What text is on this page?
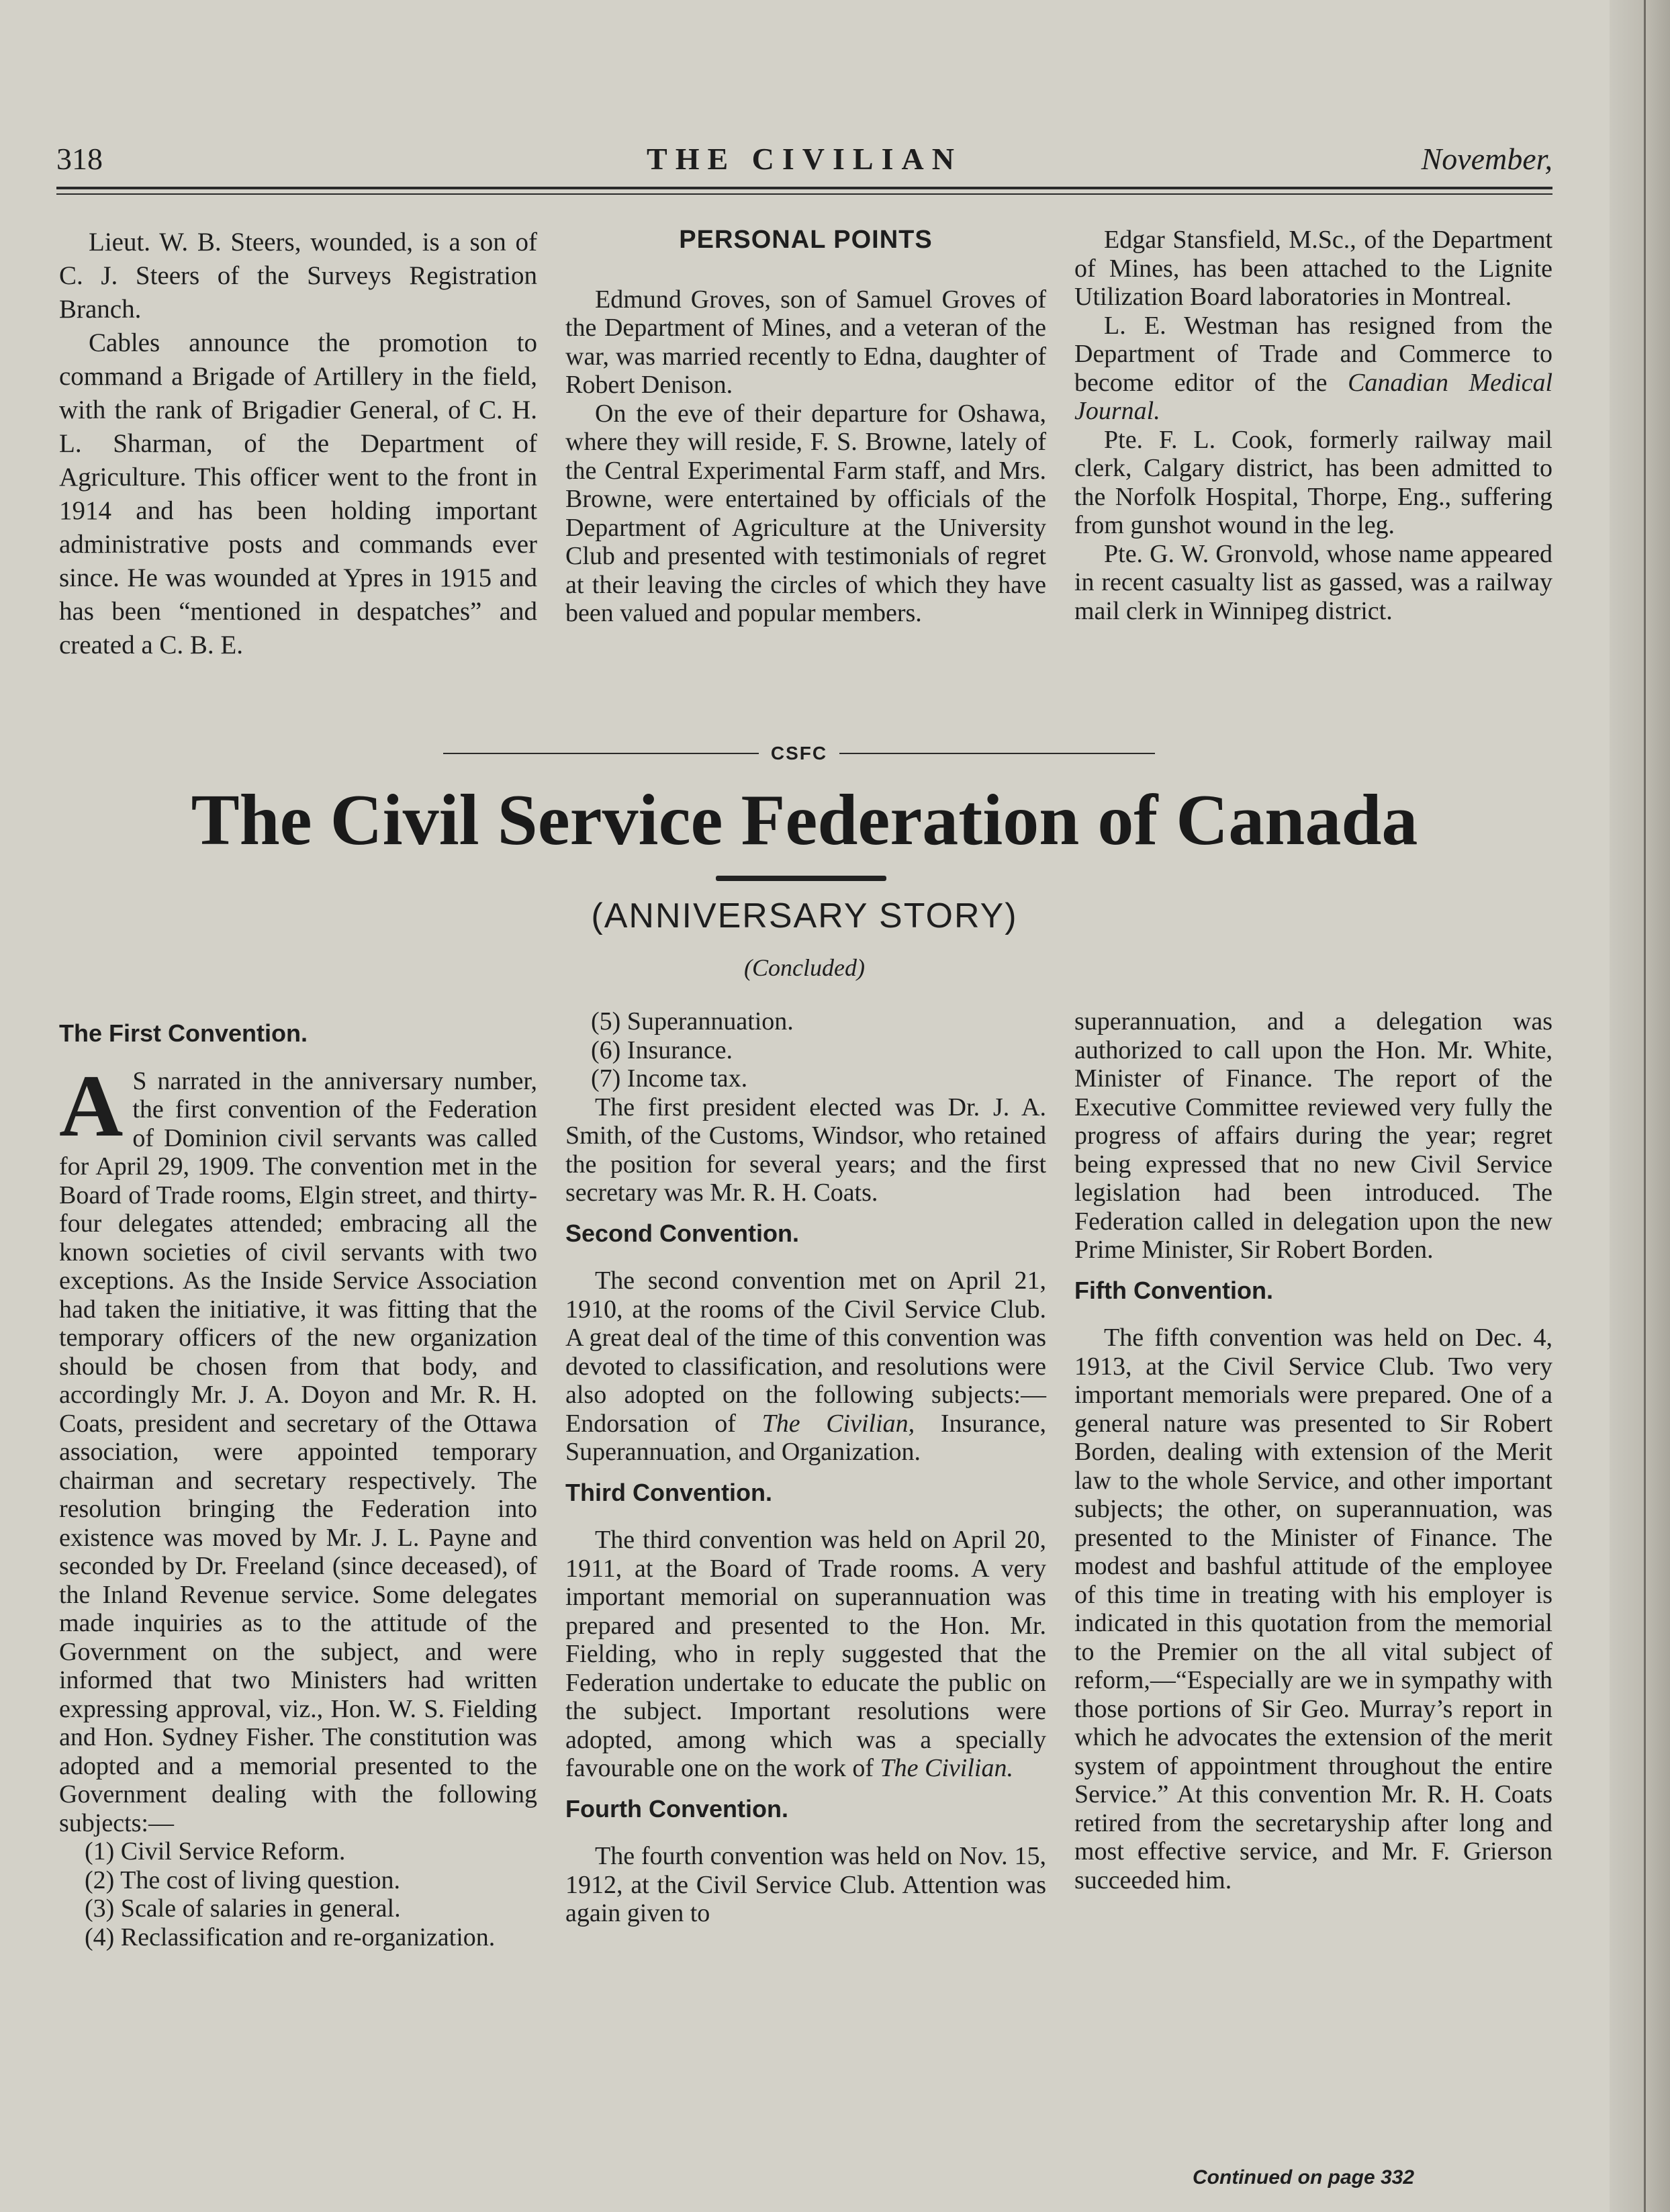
318	THE CIVILIAN	November,

Lieut. W. B. Steers, wounded, is a son of C. J. Steers of the Surveys Registration Branch.

Cables announce the promotion to command a Brigade of Artillery in the field, with the rank of Brigadier General, of C. H. L. Sharman, of the Department of Agriculture. This officer went to the front in 1914 and has been holding important administrative posts and commands ever since. He was wounded at Ypres in 1915 and has been “mentioned in despatches” and created a C. B. E.

PERSONAL POINTS

Edmund Groves, son of Samuel Groves of the Department of Mines, and a veteran of the war, was married recently to Edna, daughter of Robert Denison.

On the eve of their departure for Oshawa, where they will reside, F. S. Browne, lately of the Central Experimental Farm staff, and Mrs. Browne, were entertained by officials of the Department of Agriculture at the University Club and presented with testimonials of regret at their leaving the circles of which they have been valued and popular members.

Edgar Stansfield, M.Sc., of the Department of Mines, has been attached to the Lignite Utilization Board laboratories in Montreal.

L. E. Westman has resigned from the Department of Trade and Commerce to become editor of the Canadian Medical Journal.

Pte. F. L. Cook, formerly railway mail clerk, Calgary district, has been admitted to the Norfolk Hospital, Thorpe, Eng., suffering from gunshot wound in the leg.

Pte. G. W. Gronvold, whose name appeared in recent casualty list as gassed, was a railway mail clerk in Winnipeg district.

CSFC
The Civil Service Federation of Canada
(ANNIVERSARY STORY)
(Concluded)
The First Convention.

A S narrated in the anniversary number, the first convention of the Federation of Dominion civil servants was called for April 29, 1909. The convention met in the Board of Trade rooms, Elgin street, and thirty-four delegates attended; embracing all the known societies of civil servants with two exceptions. As the Inside Service Association had taken the initiative, it was fitting that the temporary officers of the new organization should be chosen from that body, and accordingly Mr. J. A. Doyon and Mr. R. H. Coats, president and secretary of the Ottawa association, were appointed temporary chairman and secretary respectively. The resolution bringing the Federation into existence was moved by Mr. J. L. Payne and seconded by Dr. Freeland (since deceased), of the Inland Revenue service. Some delegates made inquiries as to the attitude of the Government on the subject, and were informed that two Ministers had written expressing approval, viz., Hon. W. S. Fielding and Hon. Sydney Fisher. The constitution was adopted and a memorial presented to the Government dealing with the following subjects:—

(1) Civil Service Reform.

(2) The cost of living question.

(3) Scale of salaries in general.

(4) Reclassification and re-organization.

(5) Superannuation.

(6) Insurance.

(7) Income tax.

The first president elected was Dr. J. A. Smith, of the Customs, Windsor, who retained the position for several years; and the first secretary was Mr. R. H. Coats.

Second Convention.

The second convention met on April 21, 1910, at the rooms of the Civil Service Club. A great deal of the time of this convention was devoted to classification, and resolutions were also adopted on the following subjects:—Endorsation of The Civilian, Insurance, Superannuation, and Organization.

Third Convention.

The third convention was held on April 20, 1911, at the Board of Trade rooms. A very important memorial on superannuation was prepared and presented to the Hon. Mr. Fielding, who in reply suggested that the Federation undertake to educate the public on the subject. Important resolutions were adopted, among which was a specially favourable one on the work of The Civilian.

Fourth Convention.

The fourth convention was held on Nov. 15, 1912, at the Civil Service Club. Attention was again given to

superannuation, and a delegation was authorized to call upon the Hon. Mr. White, Minister of Finance. The report of the Executive Committee reviewed very fully the progress of affairs during the year; regret being expressed that no new Civil Service legislation had been introduced. The Federation called in delegation upon the new Prime Minister, Sir Robert Borden.

Fifth Convention.

The fifth convention was held on Dec. 4, 1913, at the Civil Service Club. Two very important memorials were prepared. One of a general nature was presented to Sir Robert Borden, dealing with extension of the Merit law to the whole Service, and other important subjects; the other, on superannuation, was presented to the Minister of Finance. The modest and bashful attitude of the employee of this time in treating with his employer is indicated in this quotation from the memorial to the Premier on the all vital subject of reform,—“Especially are we in sympathy with those portions of Sir Geo. Murray’s report in which he advocates the extension of the merit system of appointment throughout the entire Service.” At this convention Mr. R. H. Coats retired from the secretaryship after long and most effective service, and Mr. F. Grierson succeeded him.

Continued on page 332
